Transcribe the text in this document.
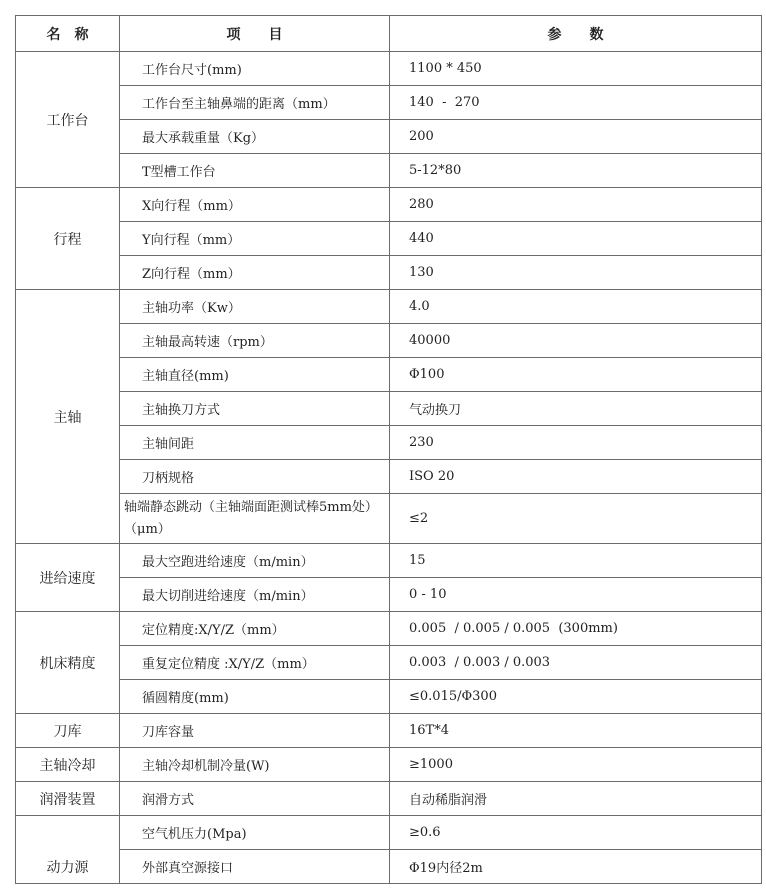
名　称	项　　目	参　　数
工作台	工作台尺寸(mm)	1100 * 450
	工作台至主轴鼻端的距离（mm）	140  -  270
	最大承载重量（Kg）	200
	T型槽工作台	5-12*80
行程	X向行程（mm）	280
	Y向行程（mm）	440
	Z向行程（mm）	130
主轴	主轴功率（Kw）	4.0
	主轴最高转速（rpm）	40000
	主轴直径(mm)	Φ100
	主轴换刀方式	气动换刀
	主轴间距	230
	刀柄规格	ISO 20
	轴端静态跳动（主轴端面距测试棒5mm处）      （μm）	≤2
进给速度	最大空跑进给速度（m/min）	15
	最大切削进给速度（m/min）	0 - 10
机床精度	定位精度:X/Y/Z（mm）	0.005  / 0.005 / 0.005  (300mm)
	重复定位精度 :X/Y/Z（mm）	0.003  / 0.003 / 0.003
	循圆精度(mm)	≤0.015/Φ300
刀库	刀库容量	16T*4
主轴冷却	主轴冷却机制冷量(W)	≥1000
润滑装置	润滑方式	自动稀脂润滑
动力源	空气机压力(Mpa)	≥0.6
	外部真空源接口	Φ19内径2m
